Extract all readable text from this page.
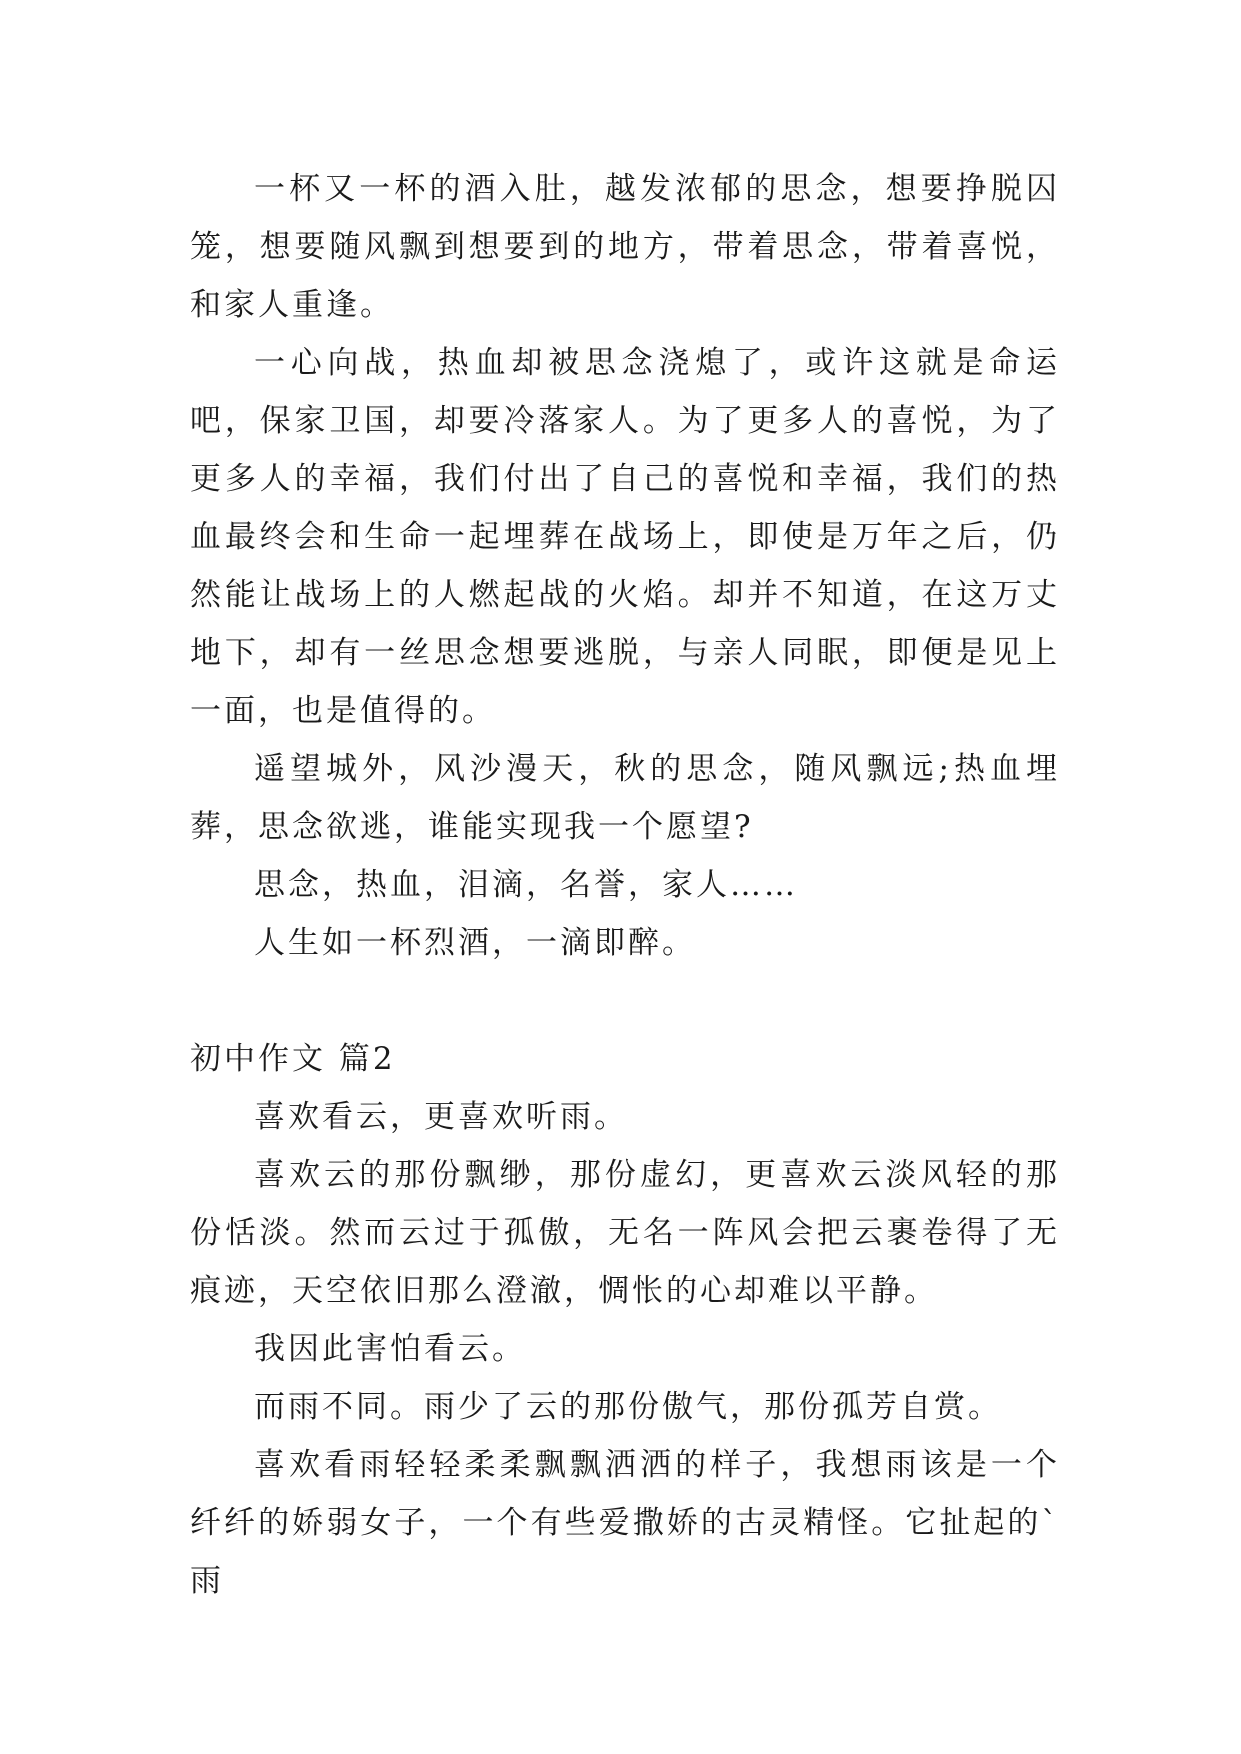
一杯又一杯的酒入肚，越发浓郁的思念，想要挣脱囚笼，想要随风飘到想要到的地方，带着思念，带着喜悦，和家人重逢。

一心向战，热血却被思念浇熄了，或许这就是命运吧，保家卫国，却要冷落家人。为了更多人的喜悦，为了更多人的幸福，我们付出了自己的喜悦和幸福，我们的热血最终会和生命一起埋葬在战场上，即使是万年之后，仍然能让战场上的人燃起战的火焰。却并不知道，在这万丈地下，却有一丝思念想要逃脱，与亲人同眠，即便是见上一面，也是值得的。

遥望城外，风沙漫天，秋的思念，随风飘远;热血埋葬，思念欲逃，谁能实现我一个愿望?

思念，热血，泪滴，名誉，家人……

人生如一杯烈酒，一滴即醉。

初中作文 篇2

喜欢看云，更喜欢听雨。

喜欢云的那份飘缈，那份虚幻，更喜欢云淡风轻的那份恬淡。然而云过于孤傲，无名一阵风会把云裹卷得了无痕迹，天空依旧那么澄澈，惆怅的心却难以平静。

我因此害怕看云。

而雨不同。雨少了云的那份傲气，那份孤芳自赏。

喜欢看雨轻轻柔柔飘飘洒洒的样子，我想雨该是一个纤纤的娇弱女子，一个有些爱撒娇的古灵精怪。它扯起的`雨
